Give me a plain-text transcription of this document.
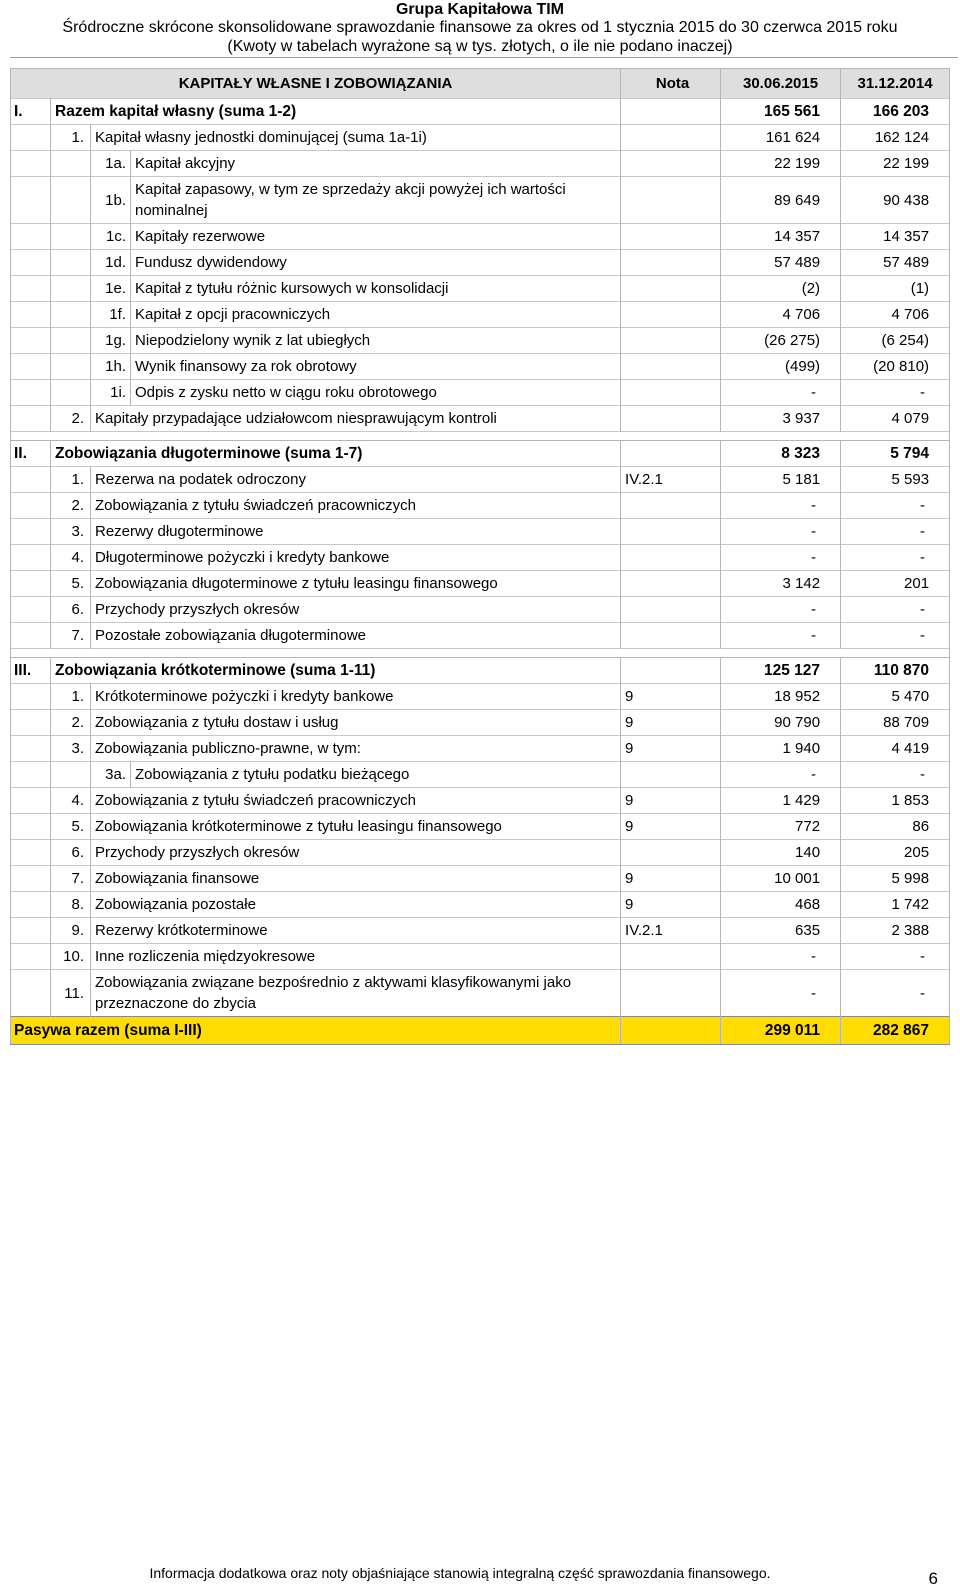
Grupa Kapitałowa TIM
Śródroczne skrócone skonsolidowane sprawozdanie finansowe za okres od 1 stycznia 2015 do 30 czerwca 2015 roku
(Kwoty w tabelach wyrażone są w tys. złotych, o ile nie podano inaczej)
KAPITAŁY WŁASNE I ZOBOWIĄZANIA				Nota	30.06.2015	31.12.2014
I.	Razem kapitał własny (suma 1-2)				165 561	166 203
	1.	Kapitał własny jednostki dominującej (suma 1a-1i)			161 624	162 124
		1a.	Kapitał akcyjny		22 199	22 199
		1b.	Kapitał zapasowy, w tym ze sprzedaży akcji powyżej ich wartości nominalnej		89 649	90 438
		1c.	Kapitały rezerwowe		14 357	14 357
		1d.	Fundusz dywidendowy		57 489	57 489
		1e.	Kapitał z tytułu różnic kursowych w konsolidacji		(2)	(1)
		1f.	Kapitał z opcji pracowniczych		4 706	4 706
		1g.	Niepodzielony wynik z lat ubiegłych		(26 275)	(6 254)
		1h.	Wynik finansowy za rok obrotowy		(499)	(20 810)
		1i.	Odpis z zysku netto w ciągu roku obrotowego		-	-
	2.	Kapitały przypadające udziałowcom niesprawującym kontroli			3 937	4 079

II.	Zobowiązania długoterminowe (suma 1-7)				8 323	5 794
	1.	Rezerwa na podatek odroczony		IV.2.1	5 181	5 593
	2.	Zobowiązania z tytułu świadczeń pracowniczych			-	-
	3.	Rezerwy długoterminowe			-	-
	4.	Długoterminowe pożyczki i kredyty bankowe			-	-
	5.	Zobowiązania długoterminowe z tytułu leasingu finansowego			3 142	201
	6.	Przychody przyszłych okresów			-	-
	7.	Pozostałe zobowiązania długoterminowe			-	-

III.	Zobowiązania krótkoterminowe (suma 1-11)				125 127	110 870
	1.	Krótkoterminowe pożyczki i kredyty bankowe		9	18 952	5 470
	2.	Zobowiązania z tytułu dostaw i usług		9	90 790	88 709
	3.	Zobowiązania publiczno-prawne, w tym:		9	1 940	4 419
		3a.	Zobowiązania z tytułu podatku bieżącego		-	-
	4.	Zobowiązania z tytułu świadczeń pracowniczych		9	1 429	1 853
	5.	Zobowiązania krótkoterminowe z tytułu leasingu finansowego		9	772	86
	6.	Przychody przyszłych okresów			140	205
	7.	Zobowiązania finansowe		9	10 001	5 998
	8.	Zobowiązania pozostałe		9	468	1 742
	9.	Rezerwy krótkoterminowe		IV.2.1	635	2 388
	10.	Inne rozliczenia międzyokresowe			-	-
	11.	Zobowiązania związane bezpośrednio z aktywami klasyfikowanymi jako przeznaczone do zbycia			-	-
Pasywa razem (suma I-III)					299 011	282 867
Informacja dodatkowa oraz noty objaśniające stanowią integralną część sprawozdania finansowego.	6
